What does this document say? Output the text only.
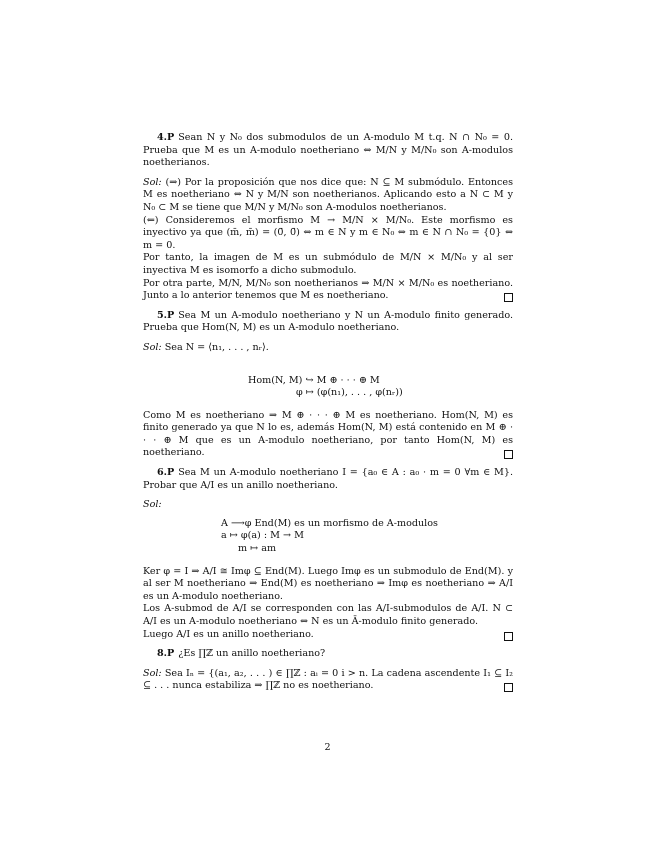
4.P Sean N y N₀ dos submodulos de un A-modulo M t.q. N ∩ N₀ = 0. Prueba que M es un A-modulo noetheriano ⇔ M/N y M/N₀ son A-modulos noetherianos.

Sol: (⇒) Por la proposición que nos dice que: N ⊆ M submódulo. Entonces M es noetheriano ⇔ N y M/N son noetherianos. Aplicando esto a N ⊂ M y N₀ ⊂ M se tiene que M/N y M/N₀ son A-modulos noetherianos.

(⇐) Consideremos el morfismo M → M/N × M/N₀. Este morfismo es inyectivo ya que (m̄, m̄) = (0̄, 0̄) ⇔ m ∈ N y m ∈ N₀ ⇔ m ∈ N ∩ N₀ = {0} ⇔ m = 0.

Por tanto, la imagen de M es un submódulo de M/N × M/N₀ y al ser inyectiva M es isomorfo a dicho submodulo.

Por otra parte, M/N, M/N₀ son noetherianos ⇒ M/N × M/N₀ es noetheriano. Junto a lo anterior tenemos que M es noetheriano.

5.P Sea M un A-modulo noetheriano y N un A-modulo finito generado. Prueba que Hom(N, M) es un A-modulo noetheriano.

Sol: Sea N = ⟨n₁, . . . , nᵣ⟩.

Hom(N, M) ↪ M ⊕ · · · ⊕ M
φ ↦ (φ(n₁), . . . , φ(nᵣ))

Como M es noetheriano ⇒ M ⊕ · · · ⊕ M es noetheriano. Hom(N, M) es finito generado ya que N lo es, además Hom(N, M) está contenido en M ⊕ · · · ⊕ M que es un A-modulo noetheriano, por tanto Hom(N, M) es noetheriano.

6.P Sea M un A-modulo noetheriano I = {a₀ ∈ A : a₀ · m = 0 ∀m ∈ M}. Probar que A/I es un anillo noetheriano.

Sol:

A ⟶φ End(M) es un morfismo de A-modulos
a ↦ φ(a) : M → M
m ↦ am

Ker φ = I ⇒ A/I ≅ Imφ ⊆ End(M). Luego Imφ es un submodulo de End(M). y al ser M noetheriano ⇒ End(M) es noetheriano ⇒ Imφ es noetheriano ⇒ A/I es un A-modulo noetheriano.

Los A-submod de A/I se corresponden con las A/I-submodulos de A/I. N ⊂ A/I es un A-modulo noetheriano ⇔ N es un Ā-modulo finito generado.

Luego A/I es un anillo noetheriano.

8.P ¿Es ∏ℤ un anillo noetheriano?

Sol: Sea Iₙ = {(a₁, a₂, . . . ) ∈ ∏ℤ : aᵢ = 0 i > n. La cadena ascendente I₁ ⊆ I₂ ⊆ . . . nunca estabiliza ⇒ ∏ℤ no es noetheriano.

2
